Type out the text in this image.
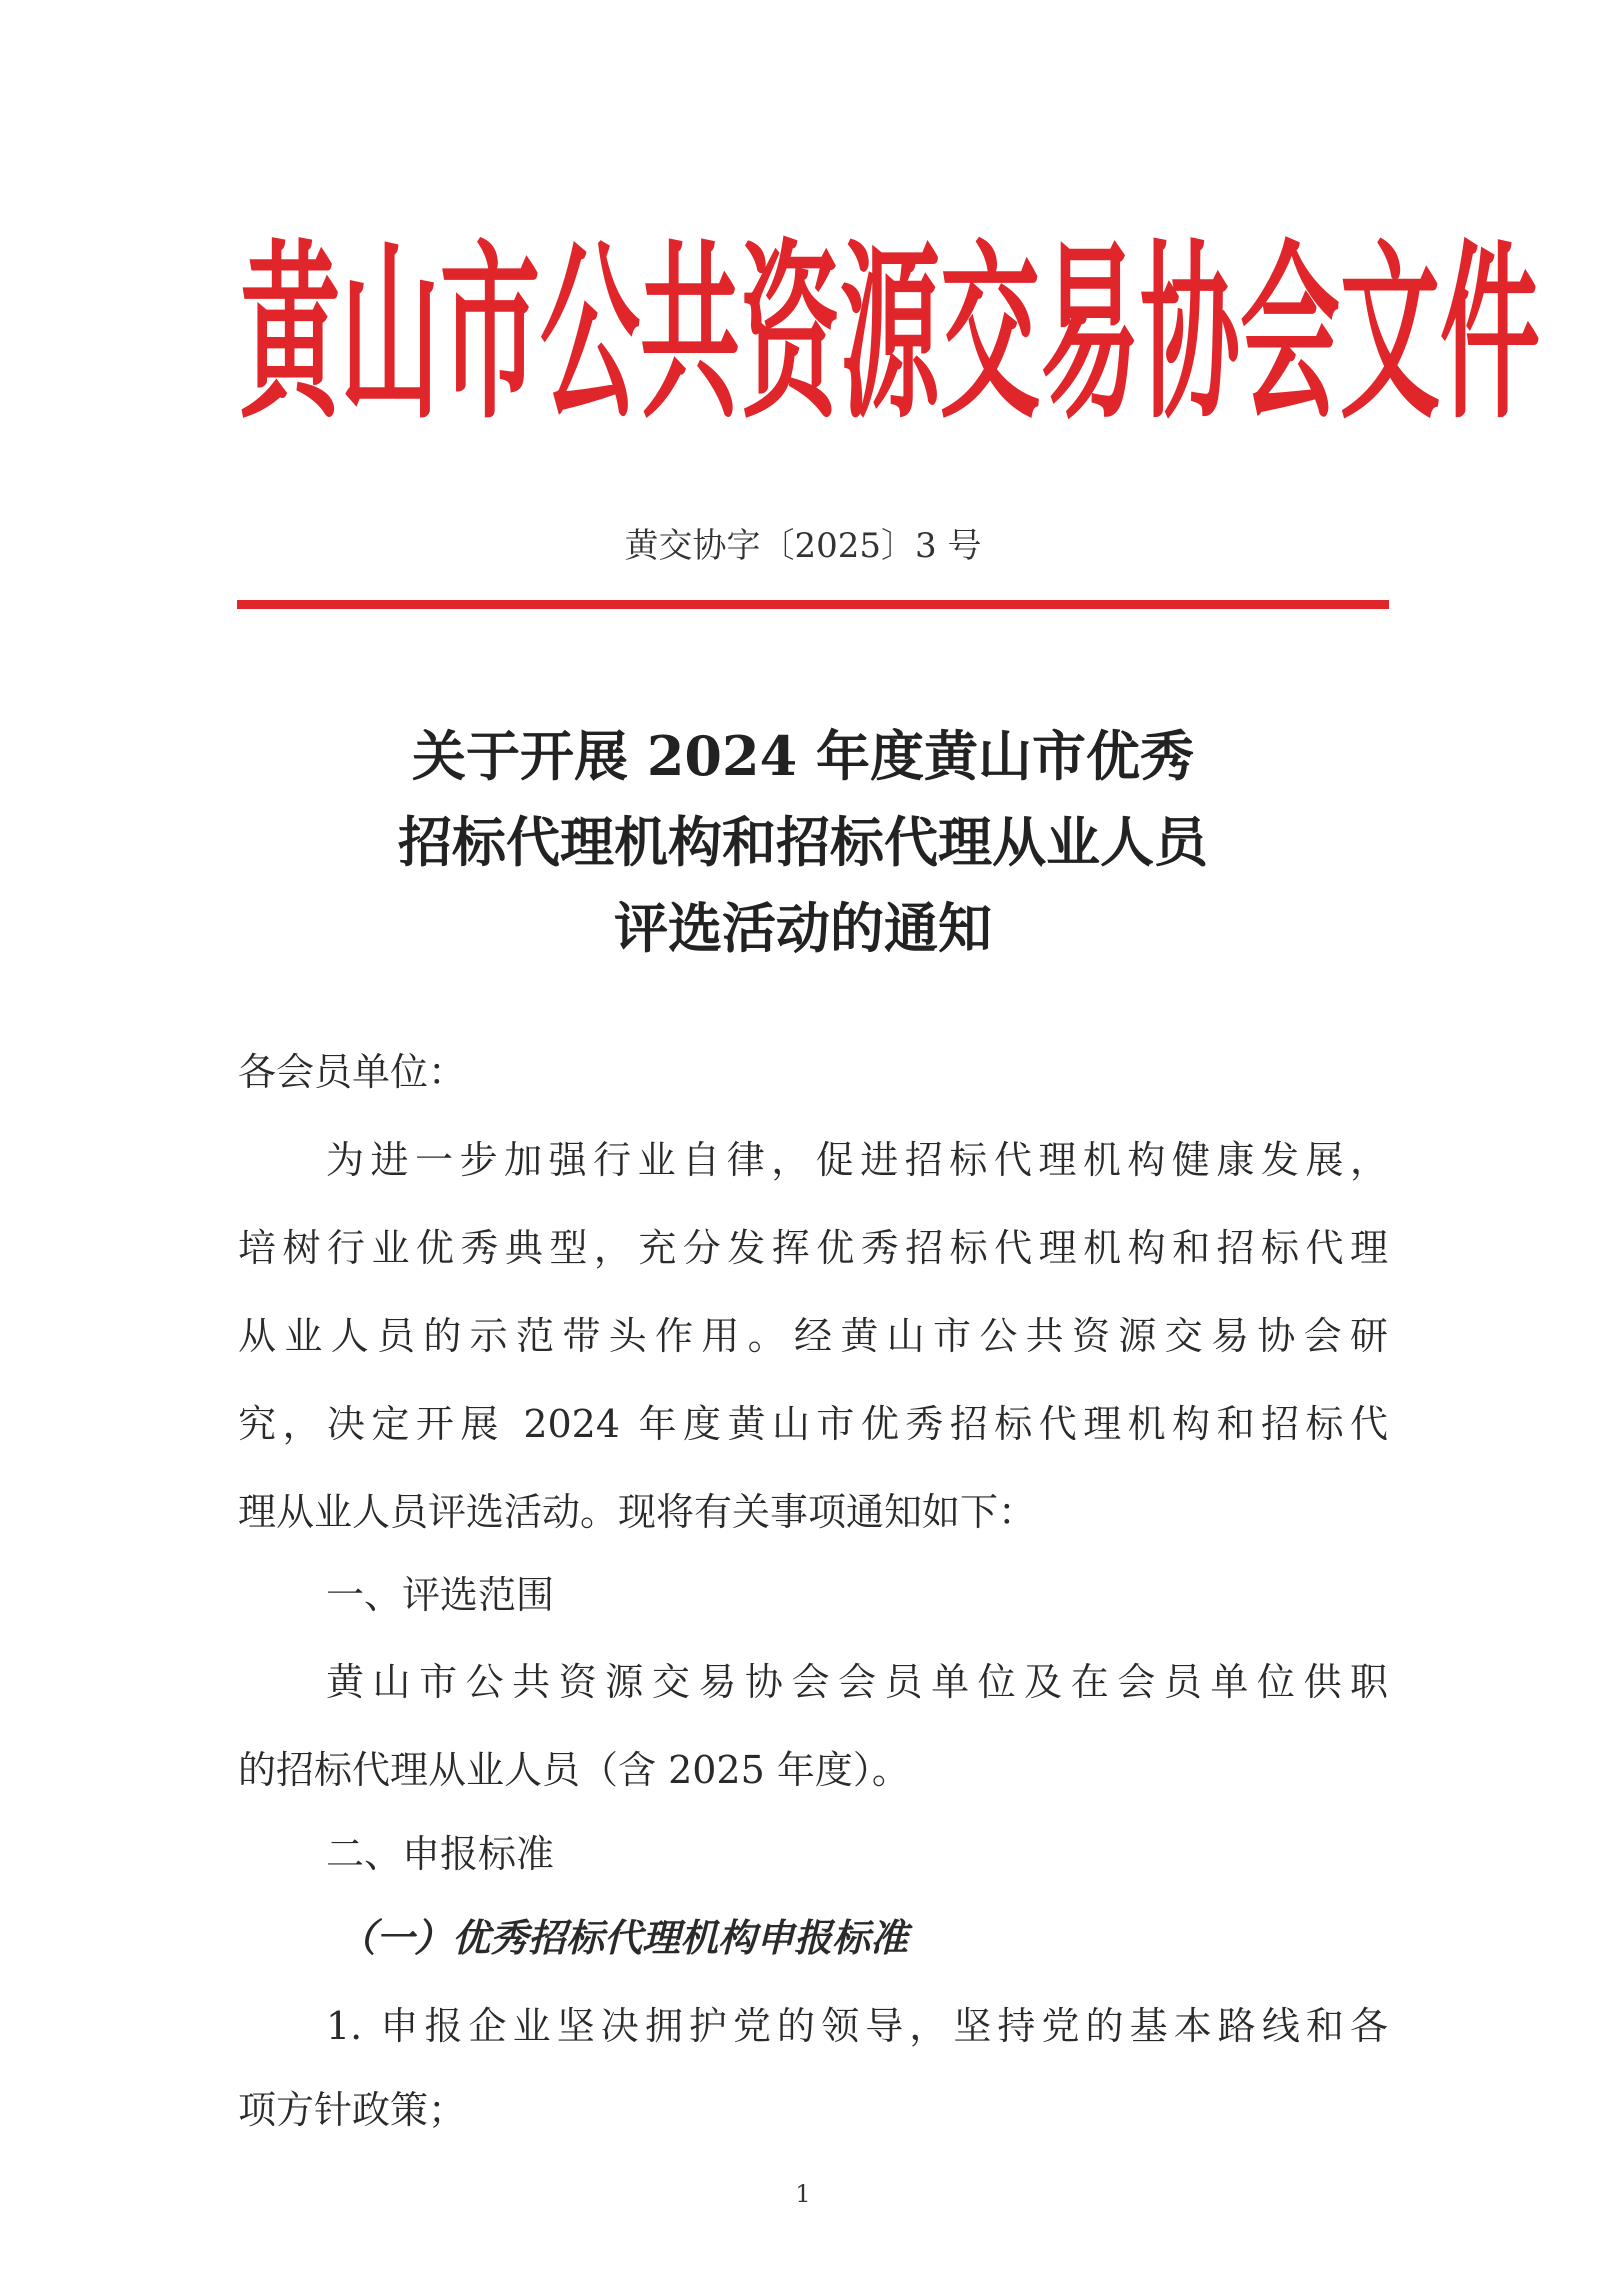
黄山市公共资源交易协会文件
黄交协字〔2025〕3 号
关于开展 2024 年度黄山市优秀
招标代理机构和招标代理从业人员
评选活动的通知
各会员单位：
为进一步加强行业自律，促进招标代理机构健康发展，
培树行业优秀典型，充分发挥优秀招标代理机构和招标代理
从业人员的示范带头作用。经黄山市公共资源交易协会研
究，决定开展 2024 年度黄山市优秀招标代理机构和招标代
理从业人员评选活动。现将有关事项通知如下：
一、评选范围
黄山市公共资源交易协会会员单位及在会员单位供职
的招标代理从业人员（含 2025 年度）。
二、申报标准
（一）优秀招标代理机构申报标准
1. 申报企业坚决拥护党的领导，坚持党的基本路线和各
项方针政策；
1
